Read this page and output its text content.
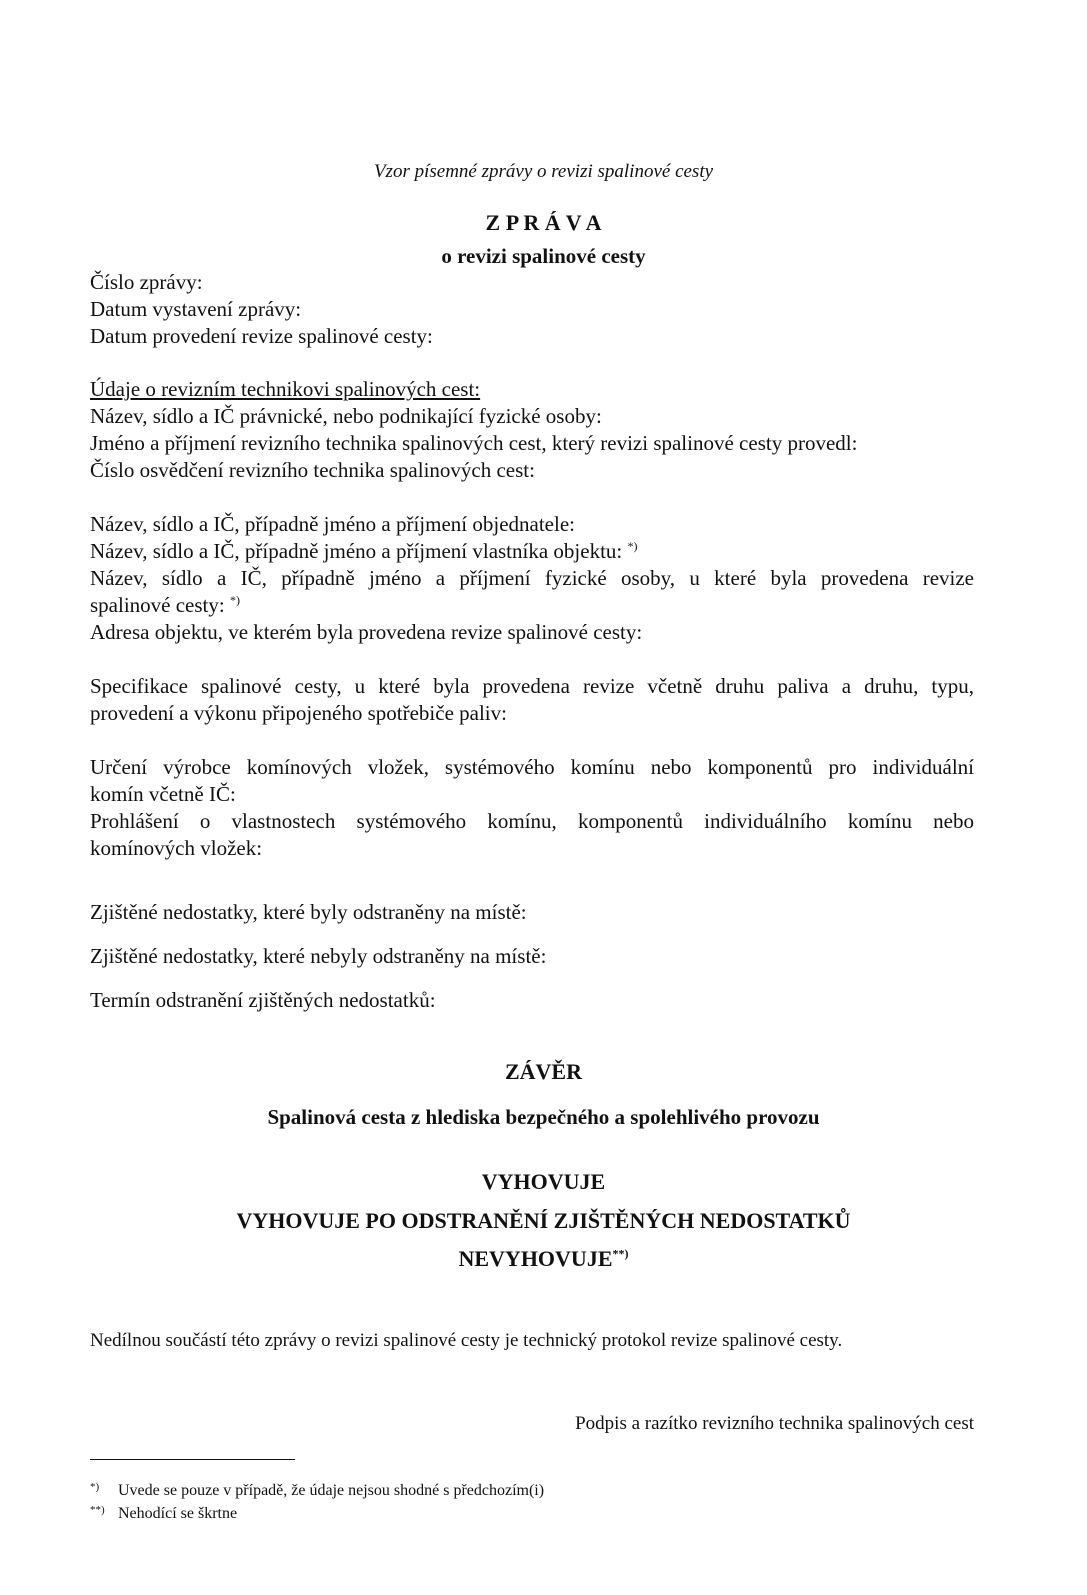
Vzor písemné zprávy o revizi spalinové cesty
Z P R Á V A
o revizi spalinové cesty
Číslo zprávy:
Datum vystavení zprávy:
Datum provedení revize spalinové cesty:
Údaje o revizním technikovi spalinových cest:
Název, sídlo a IČ právnické, nebo podnikající fyzické osoby:
Jméno a příjmení revizního technika spalinových cest, který revizi spalinové cesty provedl:
Číslo osvědčení revizního technika spalinových cest:
Název, sídlo a IČ, případně jméno a příjmení objednatele:
Název, sídlo a IČ, případně jméno a příjmení vlastníka objektu: *)
Název, sídlo a IČ, případně jméno a příjmení fyzické osoby, u které byla provedena revize
spalinové cesty: *)
Adresa objektu, ve kterém byla provedena revize spalinové cesty:
Specifikace spalinové cesty, u které byla provedena revize včetně druhu paliva a druhu, typu,
provedení a výkonu připojeného spotřebiče paliv:
Určení výrobce komínových vložek, systémového komínu nebo komponentů pro individuální
komín včetně IČ:
Prohlášení o vlastnostech systémového komínu, komponentů individuálního komínu nebo
komínových vložek:
Zjištěné nedostatky, které byly odstraněny na místě:
Zjištěné nedostatky, které nebyly odstraněny na místě:
Termín odstranění zjištěných nedostatků:
ZÁVĚR
Spalinová cesta z hlediska bezpečného a spolehlivého provozu
VYHOVUJE
VYHOVUJE PO ODSTRANĚNÍ ZJIŠTĚNÝCH NEDOSTATKŮ
NEVYHOVUJE**)
Nedílnou součástí této zprávy o revizi spalinové cesty je technický protokol revize spalinové cesty.
Podpis a razítko revizního technika spalinových cest
*) Uvede se pouze v případě, že údaje nejsou shodné s předchozím(i)
**) Nehodící se škrtne
